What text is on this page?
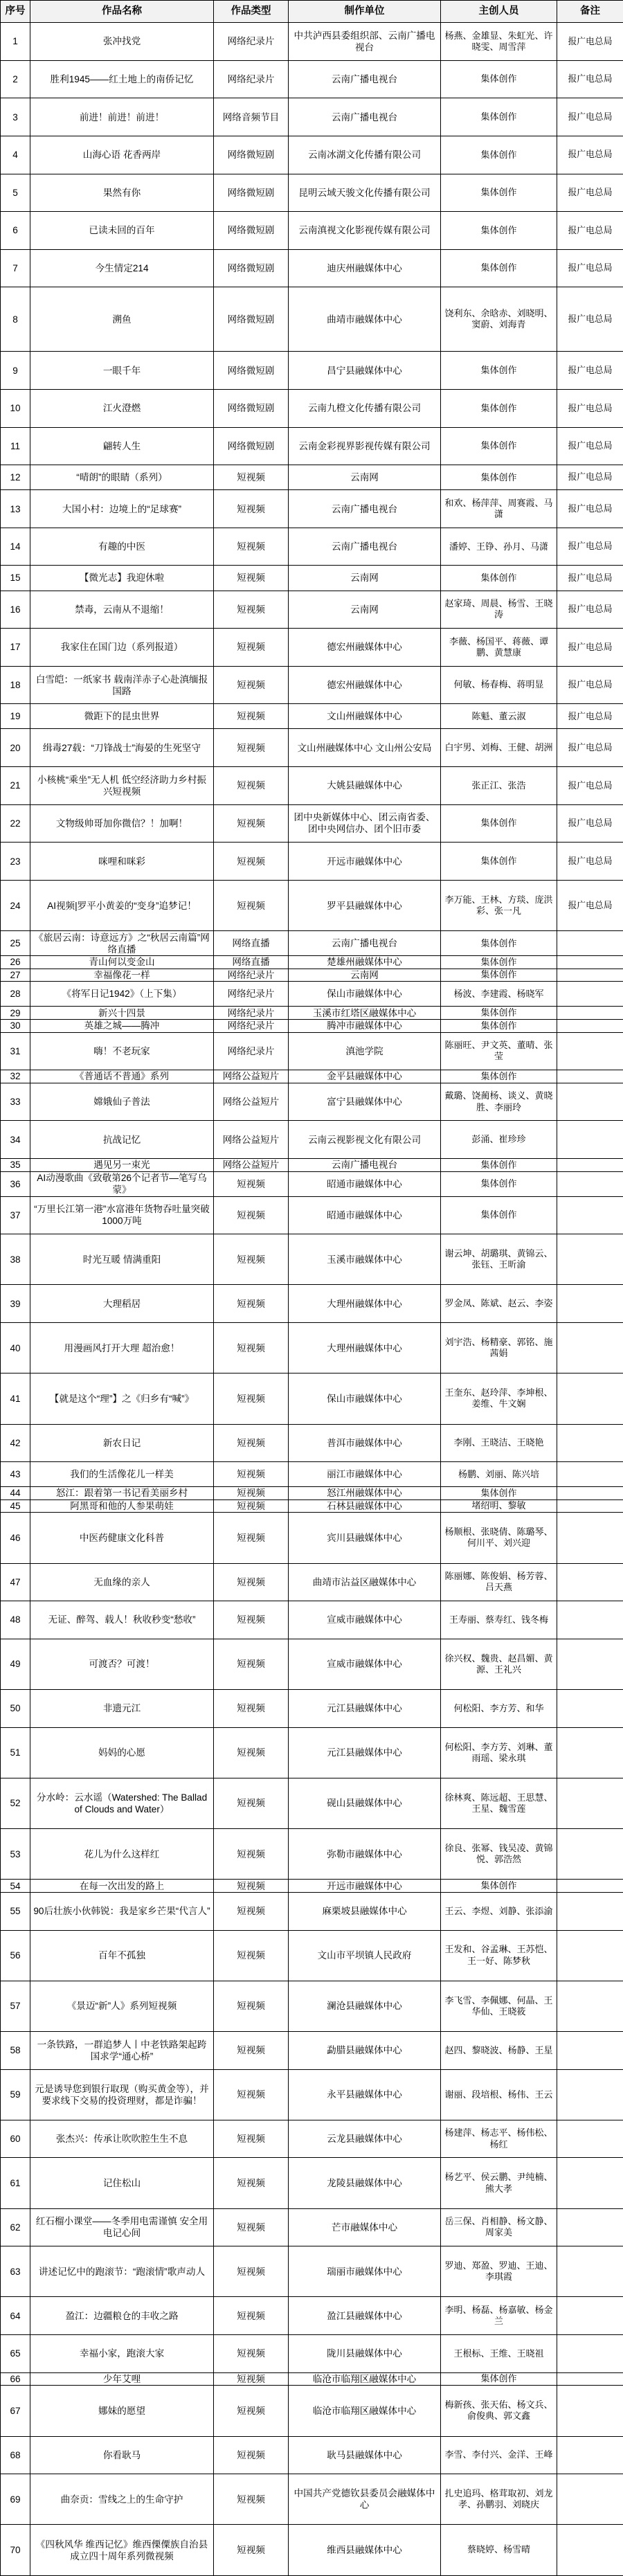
序号	作品名称	作品类型	制作单位	主创人员	备注
1	张冲找党	网络纪录片	中共泸西县委组织部、云南广播电视台	杨燕、金雄显、朱虹光、许晓雯、周雪萍	报广电总局
2	胜利1945——红土地上的南侨记忆	网络纪录片	云南广播电视台	集体创作	报广电总局
3	前进！前进！前进！	网络音频节目	云南广播电视台	集体创作	报广电总局
4	山海心语 花香两岸	网络微短剧	云南冰湖文化传播有限公司	集体创作	报广电总局
5	果然有你	网络微短剧	昆明云域天骏文化传播有限公司	集体创作	报广电总局
6	已读未回的百年	网络微短剧	云南滇视文化影视传媒有限公司	集体创作	报广电总局
7	今生情定214	网络微短剧	迪庆州融媒体中心	集体创作	报广电总局
8	溯鱼	网络微短剧	曲靖市融媒体中心	饶利东、余晗赤、刘晓明、窦蔚、刘海青	报广电总局
9	一眼千年	网络微短剧	昌宁县融媒体中心	集体创作	报广电总局
10	江火澄燃	网络微短剧	云南九橙文化传播有限公司	集体创作	报广电总局
11	翩转人生	网络微短剧	云南金彩视界影视传媒有限公司	集体创作	报广电总局
12	“晴朗”的眼睛（系列）	短视频	云南网	集体创作	报广电总局
13	大国小村：边境上的“足球赛”	短视频	云南广播电视台	和欢、杨萍萍、周赛霞、马潇	报广电总局
14	有趣的中医	短视频	云南广播电视台	潘婷、王铮、孙月、马潇	报广电总局
15	【微光志】我迎休啦	短视频	云南网	集体创作	报广电总局
16	禁毒，云南从不退缩！	短视频	云南网	赵家琦、周晨、杨雪、王晓涛	报广电总局
17	我家住在国门边（系列报道）	短视频	德宏州融媒体中心	李薇、杨国平、蒋薇、谭鹏、黄慧康	报广电总局
18	白雪皑：一纸家书 载南洋赤子心赴滇缅报国路	短视频	德宏州融媒体中心	何敏、杨春梅、蒋明显	报广电总局
19	微距下的昆虫世界	短视频	文山州融媒体中心	陈魁、董云淑	报广电总局
20	缉毒27载：“刀锋战士”海晏的生死坚守	短视频	文山州融媒体中心 文山州公安局	白宇男、刘梅、王健、胡洲	报广电总局
21	小核桃“乘坐”无人机 低空经济助力乡村振兴短视频	短视频	大姚县融媒体中心	张正江、张浩	报广电总局
22	文物级帅哥加你微信？！加啊！	短视频	团中央新媒体中心、团云南省委、团中央网信办、团个旧市委	集体创作	报广电总局
23	咪哩和咪彩	短视频	开远市融媒体中心	集体创作	报广电总局
24	AI视频|罗平小黄姜的“变身”追梦记！	短视频	罗平县融媒体中心	李万能、王林、方琰、庞洪彩、张一凡	报广电总局
25	《旅居云南：诗意远方》之“秋居云南篇”网络直播	网络直播	云南广播电视台	集体创作	
26	青山何以变金山	网络直播	楚雄州融媒体中心	集体创作	
27	幸福像花一样	网络纪录片	云南网	集体创作	
28	《将军日记1942》（上下集）	网络纪录片	保山市融媒体中心	杨波、李建霞、杨晓军	
29	新兴十四景	网络纪录片	玉溪市红塔区融媒体中心	集体创作	
30	英雄之城——腾冲	网络纪录片	腾冲市融媒体中心	集体创作	
31	嗨！不老玩家	网络纪录片	滇池学院	陈丽旺、尹文英、董晴、张莹	
32	《普通话不普通》系列	网络公益短片	金平县融媒体中心	集体创作	
33	嫦娥仙子普法	网络公益短片	富宁县融媒体中心	戴璐、饶蔺杨、谈义、黄晓胜、李丽玲	
34	抗战记忆	网络公益短片	云南云视影视文化有限公司	彭涌、崔珍珍	
35	遇见另一束光	网络公益短片	云南广播电视台	集体创作	
36	AI动漫歌曲《致敬第26个记者节—笔写乌蒙》	短视频	昭通市融媒体中心	集体创作	
37	“万里长江第一港”水富港年货物吞吐量突破1000万吨	短视频	昭通市融媒体中心	集体创作	
38	时光互暖 情满重阳	短视频	玉溪市融媒体中心	谢云坤、胡璐琪、黄锦云、张钰、王昕渝	
39	大理稻居	短视频	大理州融媒体中心	罗金凤、陈斌、赵云、李姿	
40	用漫画风打开大理 超治愈！	短视频	大理州融媒体中心	刘宇浩、杨精豪、郭铭、施茜娟	
41	【就是这个“理”】之《归乡有“喊”》	短视频	保山市融媒体中心	王奎东、赵玲萍、李坤根、姜维、牛文娴	
42	新农日记	短视频	普洱市融媒体中心	李刚、王晓洁、王晓艳	
43	我们的生活像花儿一样美	短视频	丽江市融媒体中心	杨鹏、刘丽、陈兴培	
44	怒江：跟着第一书记看美丽乡村	短视频	怒江州融媒体中心	集体创作	
45	阿黑哥和他的人参果萌娃	短视频	石林县融媒体中心	堵绍明、黎敏	
46	中医药健康文化科普	短视频	宾川县融媒体中心	杨顺根、张晓倩、陈璐琴、何川平、刘兴迎	
47	无血缘的亲人	短视频	曲靖市沾益区融媒体中心	陈丽娜、陈俊娟、杨芳蓉、吕天燕	
48	无证、醉驾、载人！秋收秒变“愁收”	短视频	宣威市融媒体中心	王寿丽、蔡寿红、钱冬梅	
49	可渡否？可渡！	短视频	宣威市融媒体中心	徐兴权、魏贵、赵昌媚、黄源、王礼兴	
50	非遗元江	短视频	元江县融媒体中心	何松阳、李方芳、和华	
51	妈妈的心愿	短视频	元江县融媒体中心	何松阳、李方芳、刘琳、董雨瑶、梁永琪	
52	分水岭：云水谣（Watershed: The Ballad of Clouds and Water）	短视频	砚山县融媒体中心	徐林爽、陈远超、王思慧、王星、魏雪莲	
53	花儿为什么这样红	短视频	弥勒市融媒体中心	徐良、张幂、钱吴凌、黄锦悦、郭浩然	
54	在每一次出发的路上	短视频	开远市融媒体中心	集体创作	
55	90后壮族小伙韩锐：我是家乡芒果“代言人”	短视频	麻栗坡县融媒体中心	王云、李煜、刘静、张添渝	
56	百年不孤独	短视频	文山市平坝镇人民政府	王发和、谷孟琳、王苏恺、王一好、陈梦秋	
57	《景迈“新”人》系列短视频	短视频	澜沧县融媒体中心	李飞雪、李佩娜、何晶、王华仙、王晓筱	
58	一条铁路，一群追梦人丨中老铁路架起跨国求学“通心桥”	短视频	勐腊县融媒体中心	赵四、黎晓波、杨静、王星	
59	元是诱导您到银行取现（购买黄金等），并要求线下交易的投资理财，都是诈骗！	短视频	永平县融媒体中心	谢丽、段培根、杨伟、王云	
60	张杰兴：传承让吹吹腔生生不息	短视频	云龙县融媒体中心	杨建萍、杨志平、杨伟松、杨红	
61	记住松山	短视频	龙陵县融媒体中心	杨艺平、侯云鹏、尹纯楠、熊大孝	
62	红石榴小课堂——冬季用电需谨慎 安全用电记心间	短视频	芒市融媒体中心	岳三保、肖相静、杨文静、周家美	
63	讲述记忆中的跑滚节：“跑滚情”歌声动人	短视频	瑞丽市融媒体中心	罗迪、郑盈、罗迪、王迪、李琪霞	
64	盈江：边疆粮仓的丰收之路	短视频	盈江县融媒体中心	李明、杨磊、杨嘉敏、杨金兰	
65	幸福小家，跑滚大家	短视频	陇川县融媒体中心	王根标、王维、王晓祖	
66	少年艾哩	短视频	临沧市临翔区融媒体中心	集体创作	
67	娜妹的愿望	短视频	临沧市临翔区融媒体中心	梅新孩、张天佑、杨文兵、俞俊典、郭文鑫	
68	你看耿马	短视频	耿马县融媒体中心	李雪、李付兴、金洋、王峰	
69	曲奈贡：雪线之上的生命守护	短视频	中国共产党德钦县委员会融媒体中心	扎史追玛、格茸取初、刘龙孝、孙鹏羽、刘晓庆	
70	《四秋风华 维西记忆》维西傈僳族自治县成立四十周年系列微视频	短视频	维西县融媒体中心	蔡晓婷、杨雪晴	
